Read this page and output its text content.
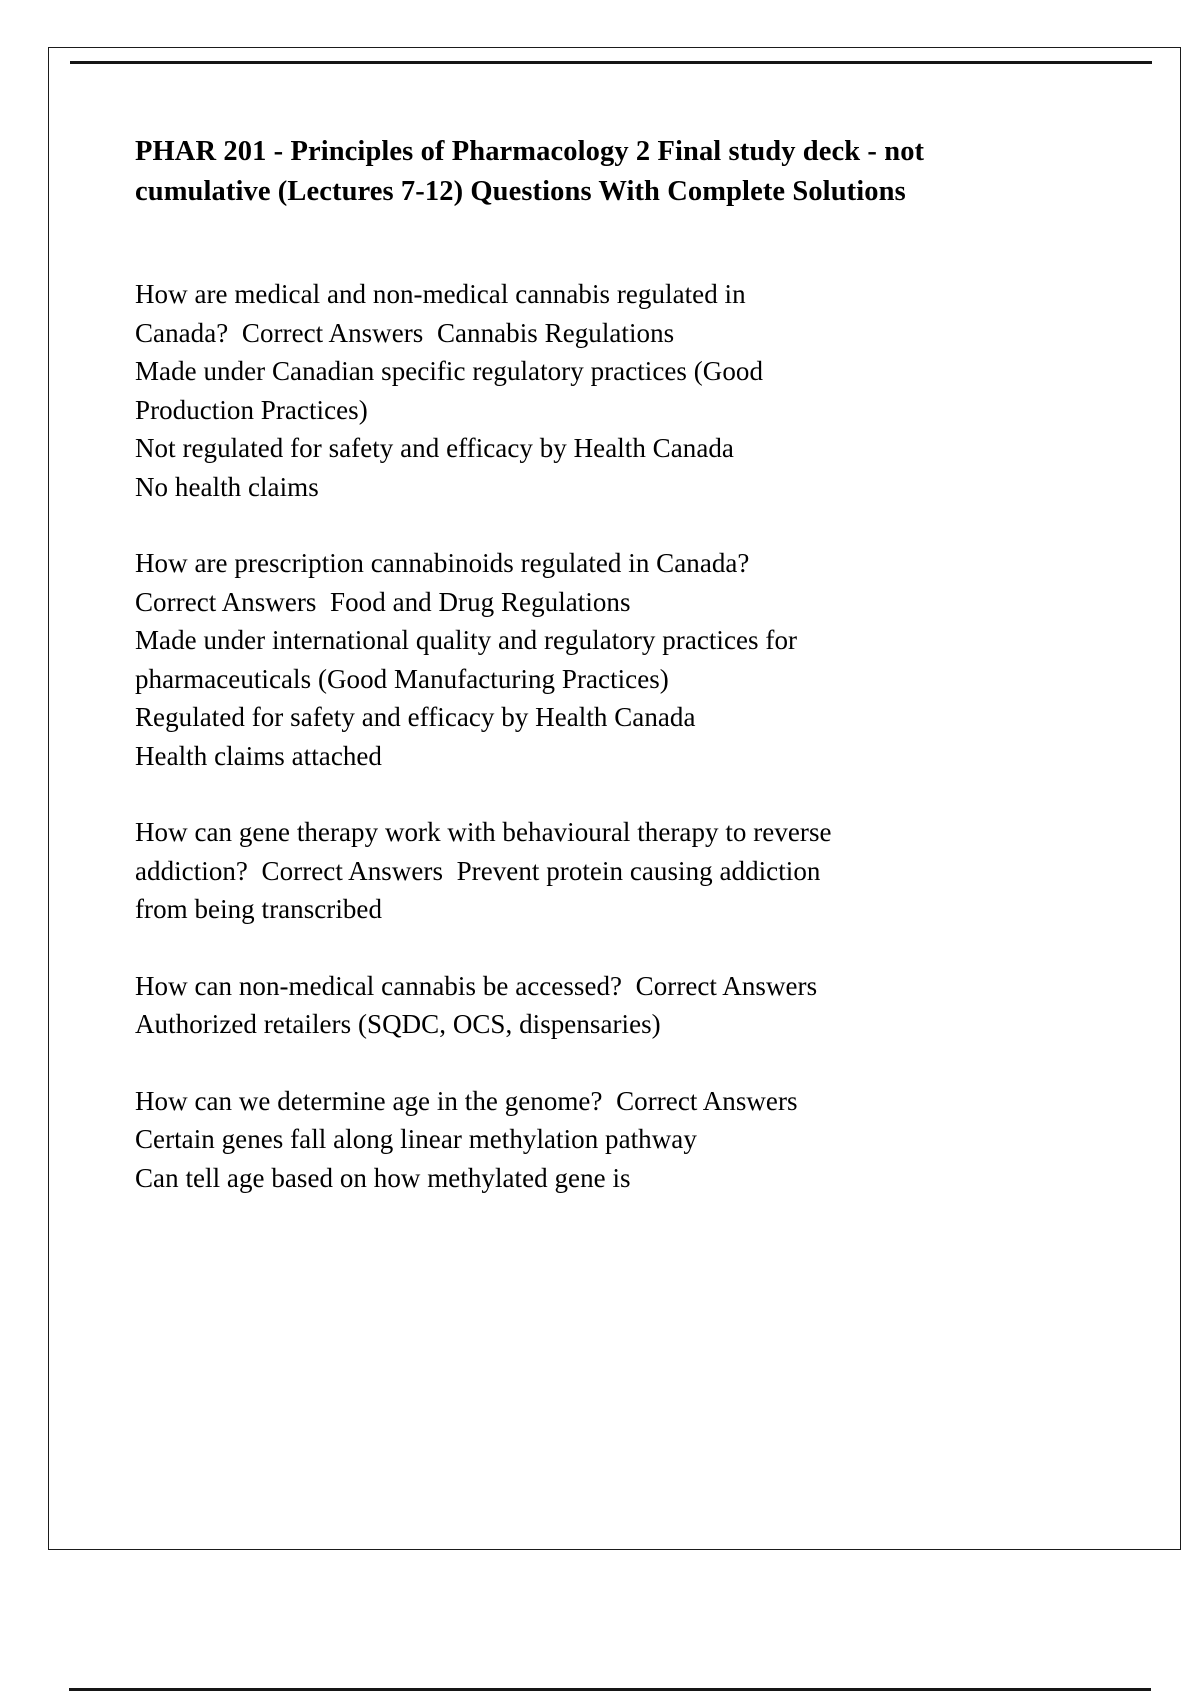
PHAR 201 - Principles of Pharmacology 2 Final study deck - not cumulative (Lectures 7-12) Questions With Complete Solutions
How are medical and non-medical cannabis regulated in
Canada?  Correct Answers  Cannabis Regulations
Made under Canadian specific regulatory practices (Good
Production Practices)
Not regulated for safety and efficacy by Health Canada
No health claims
How are prescription cannabinoids regulated in Canada?
Correct Answers  Food and Drug Regulations
Made under international quality and regulatory practices for
pharmaceuticals (Good Manufacturing Practices)
Regulated for safety and efficacy by Health Canada
Health claims attached
How can gene therapy work with behavioural therapy to reverse
addiction?  Correct Answers  Prevent protein causing addiction
from being transcribed
How can non-medical cannabis be accessed?  Correct Answers
Authorized retailers (SQDC, OCS, dispensaries)
How can we determine age in the genome?  Correct Answers
Certain genes fall along linear methylation pathway
Can tell age based on how methylated gene is
